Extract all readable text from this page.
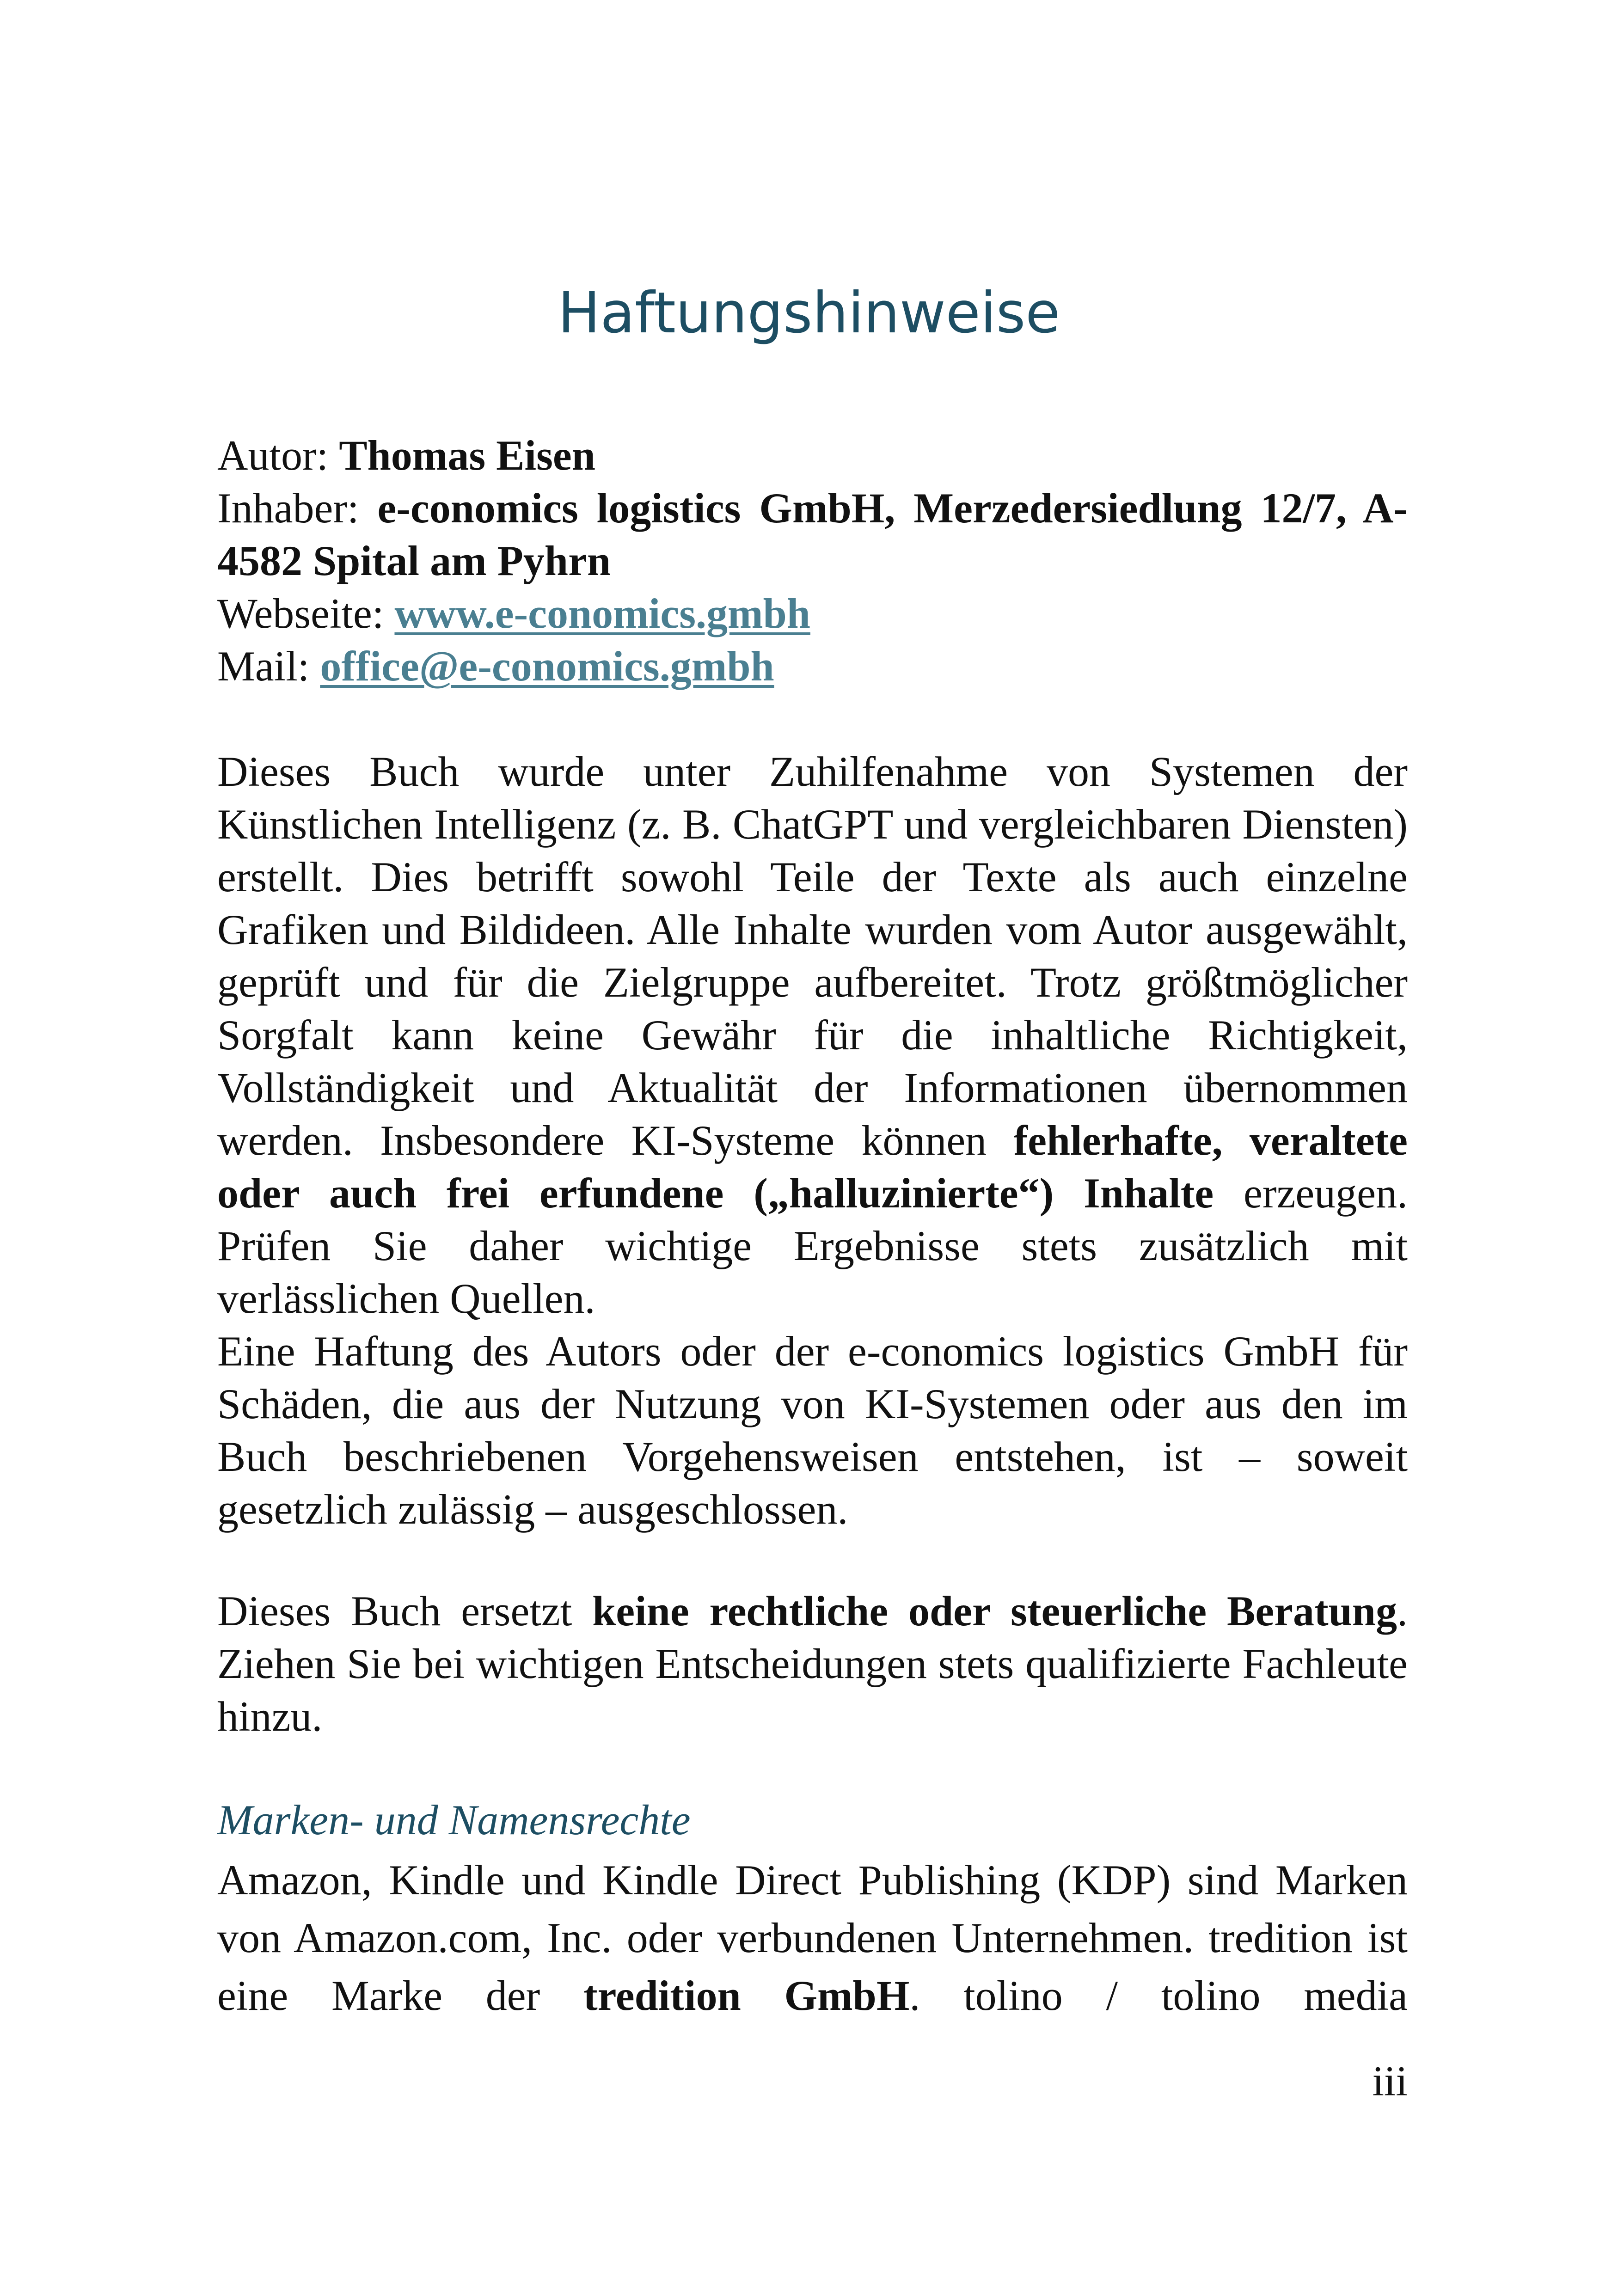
Haftungshinweise

Autor: Thomas Eisen

Inhaber: e-conomics logistics GmbH, Merzedersiedlung 12/7, A-4582 Spital am Pyhrn

Webseite: www.e-conomics.gmbh

Mail: office@e-conomics.gmbh

Dieses Buch wurde unter Zuhilfenahme von Systemen der Künstlichen Intelligenz (z. B. ChatGPT und vergleichbaren Diensten) erstellt. Dies betrifft sowohl Teile der Texte als auch einzelne Grafiken und Bildideen. Alle Inhalte wurden vom Autor ausgewählt, geprüft und für die Zielgruppe aufbereitet. Trotz größtmöglicher Sorgfalt kann keine Gewähr für die inhaltliche Richtigkeit, Vollständigkeit und Aktualität der Informationen übernommen werden. Insbesondere KI-Systeme können fehlerhafte, veraltete oder auch frei erfundene („halluzinierte“) Inhalte erzeugen. Prüfen Sie daher wichtige Ergebnisse stets zusätzlich mit verlässlichen Quellen.

Eine Haftung des Autors oder der e-conomics logistics GmbH für Schäden, die aus der Nutzung von KI-Systemen oder aus den im Buch beschriebenen Vorgehensweisen entstehen, ist – soweit gesetzlich zulässig – ausgeschlossen.

Dieses Buch ersetzt keine rechtliche oder steuerliche Beratung. Ziehen Sie bei wichtigen Entscheidungen stets qualifizierte Fachleute hinzu.

Marken- und Namensrechte

Amazon, Kindle und Kindle Direct Publishing (KDP) sind Marken von Amazon.com, Inc. oder verbundenen Unternehmen. tredition ist eine Marke der tredition GmbH. tolino / tolino media

iii
